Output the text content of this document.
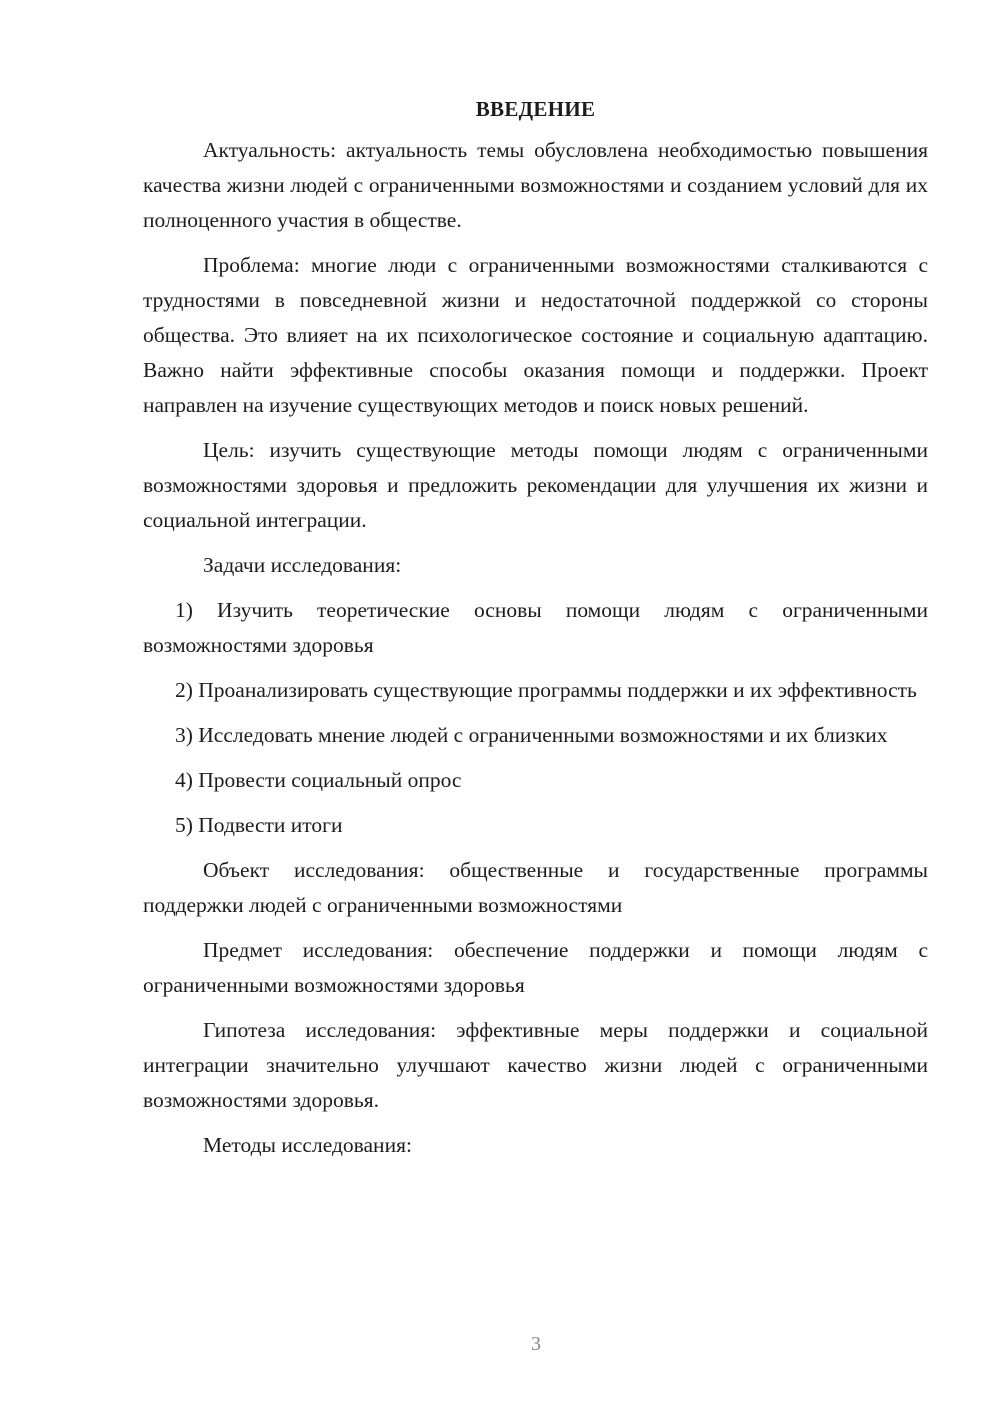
ВВЕДЕНИЕ

Актуальность: актуальность темы обусловлена необходимостью повышения качества жизни людей с ограниченными возможностями и созданием условий для их полноценного участия в обществе.

Проблема: многие люди с ограниченными возможностями сталкиваются с трудностями в повседневной жизни и недостаточной поддержкой со стороны общества. Это влияет на их психологическое состояние и социальную адаптацию. Важно найти эффективные способы оказания помощи и поддержки. Проект направлен на изучение существующих методов и поиск новых решений.

Цель: изучить существующие методы помощи людям с ограниченными возможностями здоровья и предложить рекомендации для улучшения их жизни и социальной интеграции.

Задачи исследования:

1) Изучить теоретические основы помощи людям с ограниченными возможностями здоровья

2) Проанализировать существующие программы поддержки и их эффективность

3) Исследовать мнение людей с ограниченными возможностями и их близких

4) Провести социальный опрос

5) Подвести итоги

Объект исследования: общественные и государственные программы поддержки людей с ограниченными возможностями

Предмет исследования: обеспечение поддержки и помощи людям с ограниченными возможностями здоровья

Гипотеза исследования: эффективные меры поддержки и социальной интеграции значительно улучшают качество жизни людей с ограниченными возможностями здоровья.

Методы исследования:

3
